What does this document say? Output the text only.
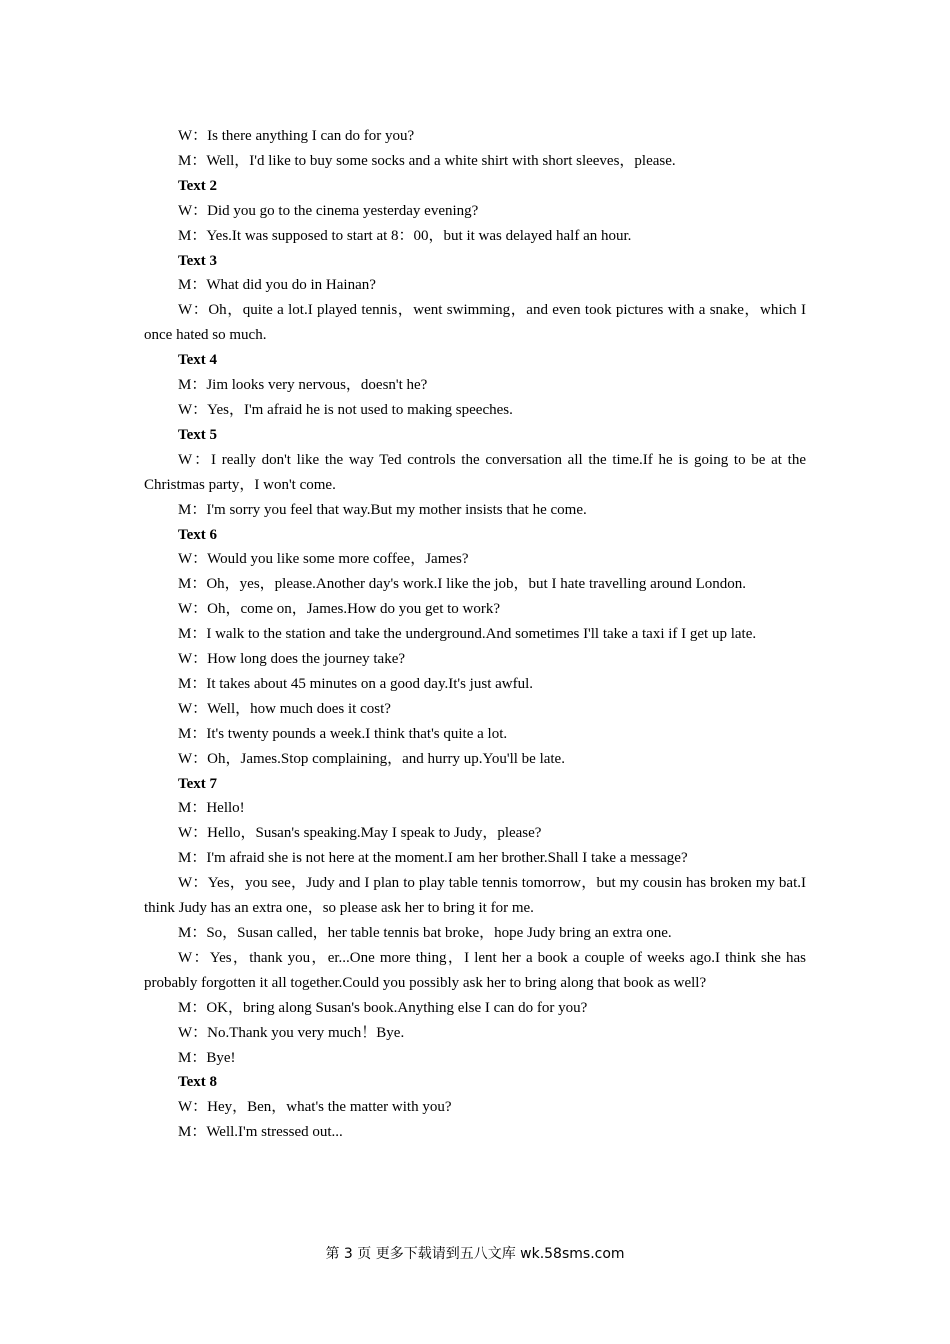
W：Is there anything I can do for you?

M：Well，I'd like to buy some socks and a white shirt with short sleeves，please.

Text 2

W：Did you go to the cinema yesterday evening?

M：Yes.It was supposed to start at 8：00，but it was delayed half an hour.

Text 3

M：What did you do in Hainan?

W：Oh，quite a lot.I played tennis，went swimming，and even took pictures with a snake，which I once hated so much.

Text 4

M：Jim looks very nervous，doesn't he?

W：Yes，I'm afraid he is not used to making speeches.

Text 5

W：I really don't like the way Ted controls the conversation all the time.If he is going to be at the Christmas party，I won't come.

M：I'm sorry you feel that way.But my mother insists that he come.

Text 6

W：Would you like some more coffee，James?

M：Oh，yes，please.Another day's work.I like the job，but I hate travelling around London.

W：Oh，come on，James.How do you get to work?

M：I walk to the station and take the underground.And sometimes I'll take a taxi if I get up late.

W：How long does the journey take?

M：It takes about 45 minutes on a good day.It's just awful.

W：Well，how much does it cost?

M：It's twenty pounds a week.I think that's quite a lot.

W：Oh，James.Stop complaining，and hurry up.You'll be late.

Text 7

M：Hello!

W：Hello，Susan's speaking.May I speak to Judy，please?

M：I'm afraid she is not here at the moment.I am her brother.Shall I take a message?

W：Yes，you see，Judy and I plan to play table tennis tomorrow，but my cousin has broken my bat.I think Judy has an extra one，so please ask her to bring it for me.

M：So，Susan called，her table tennis bat broke，hope Judy bring an extra one.

W：Yes，thank you，er...One more thing，I lent her a book a couple of weeks ago.I think she has probably forgotten it all together.Could you possibly ask her to bring along that book as well?

M：OK，bring along Susan's book.Anything else I can do for you?

W：No.Thank you very much！Bye.

M：Bye!

Text 8

W：Hey，Ben，what's the matter with you?

M：Well.I'm stressed out...

第 3 页 更多下载请到五八文库 wk.58sms.com
